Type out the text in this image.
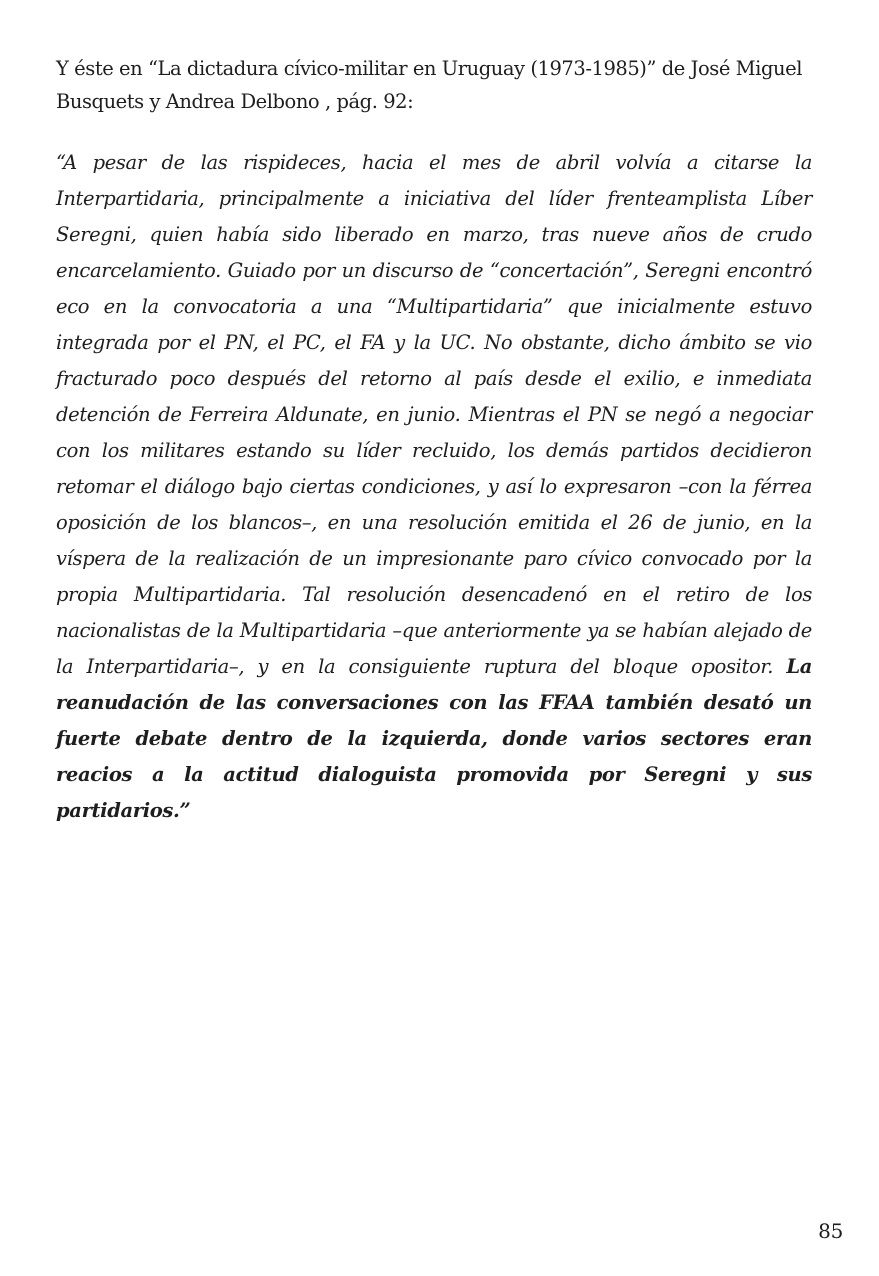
Y éste en “La dictadura cívico-militar en Uruguay (1973-1985)” de José Miguel Busquets y Andrea Delbono , pág. 92:

“A pesar de las rispideces, hacia el mes de abril volvía a citarse la Interpartidaria, principalmente a iniciativa del líder frenteamplista Líber Seregni, quien había sido liberado en marzo, tras nueve años de crudo encarcelamiento. Guiado por un discurso de “concertación”, Seregni encontró eco en la convocatoria a una “Multipartidaria” que inicialmente estuvo integrada por el PN, el PC, el FA y la UC. No obstante, dicho ámbito se vio fracturado poco después del retorno al país desde el exilio, e inmediata detención de Ferreira Aldunate, en junio. Mientras el PN se negó a negociar con los militares estando su líder recluido, los demás partidos decidieron retomar el diálogo bajo ciertas condiciones, y así lo expresaron –con la férrea oposición de los blancos–, en una resolución emitida el 26 de junio, en la víspera de la realización de un impresionante paro cívico convocado por la propia Multipartidaria. Tal resolución desencadenó en el retiro de los nacionalistas de la Multipartidaria –que anteriormente ya se habían alejado de la Interpartidaria–, y en la consiguiente ruptura del bloque opositor. La reanudación de las conversaciones con las FFAA también desató un fuerte debate dentro de la izquierda, donde varios sectores eran reacios a la actitud dialoguista promovida por Seregni y sus partidarios.”

85
